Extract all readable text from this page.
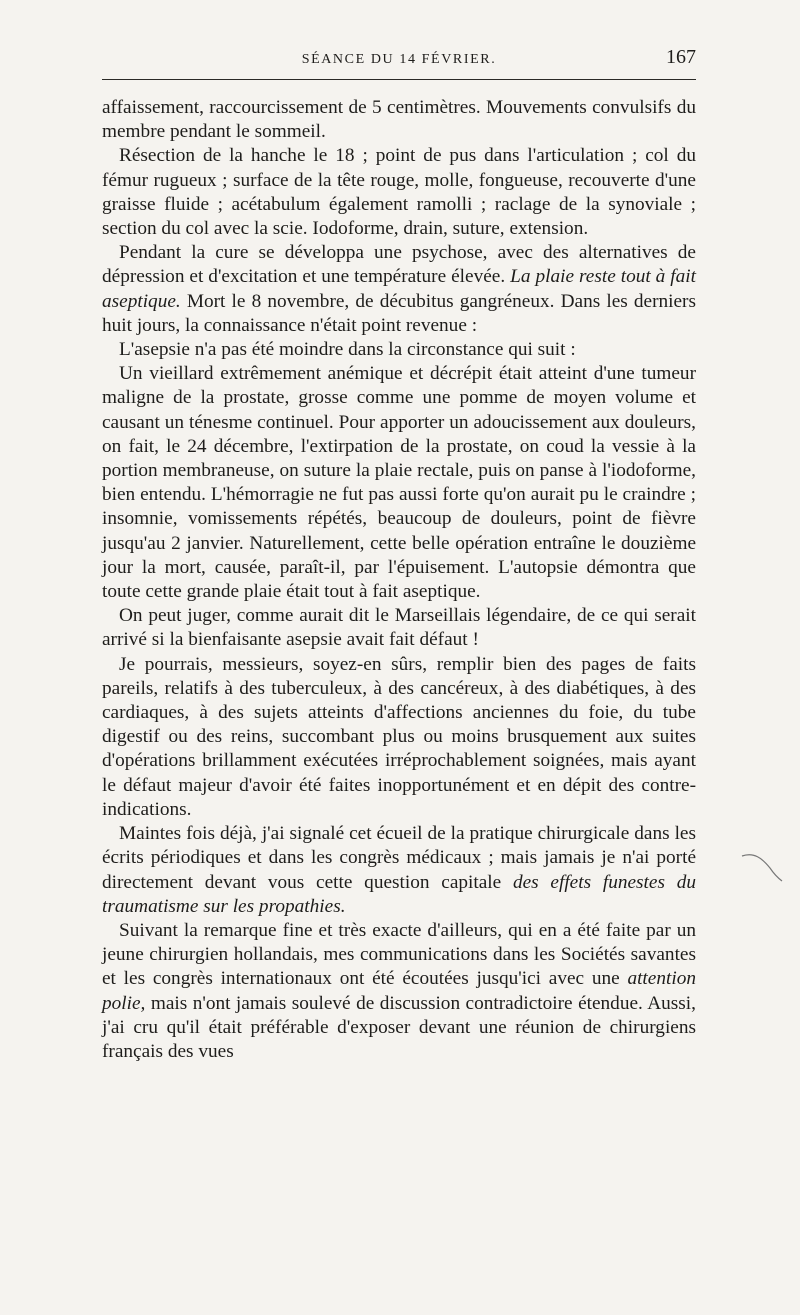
SÉANCE DU 14 FÉVRIER.	167

affaissement, raccourcissement de 5 centimètres. Mouvements convulsifs du membre pendant le sommeil.

Résection de la hanche le 18 ; point de pus dans l'articulation ; col du fémur rugueux ; surface de la tête rouge, molle, fongueuse, recouverte d'une graisse fluide ; acétabulum également ramolli ; raclage de la synoviale ; section du col avec la scie. Iodoforme, drain, suture, extension.

Pendant la cure se développa une psychose, avec des alternatives de dépression et d'excitation et une température élevée. La plaie reste tout à fait aseptique. Mort le 8 novembre, de décubitus gangréneux. Dans les derniers huit jours, la connaissance n'était point revenue :

L'asepsie n'a pas été moindre dans la circonstance qui suit :

Un vieillard extrêmement anémique et décrépit était atteint d'une tumeur maligne de la prostate, grosse comme une pomme de moyen volume et causant un ténesme continuel. Pour apporter un adoucissement aux douleurs, on fait, le 24 décembre, l'extirpation de la prostate, on coud la vessie à la portion membraneuse, on suture la plaie rectale, puis on panse à l'iodoforme, bien entendu. L'hémorragie ne fut pas aussi forte qu'on aurait pu le craindre ; insomnie, vomissements répétés, beaucoup de douleurs, point de fièvre jusqu'au 2 janvier. Naturellement, cette belle opération entraîne le douzième jour la mort, causée, paraît-il, par l'épuisement. L'autopsie démontra que toute cette grande plaie était tout à fait aseptique.

On peut juger, comme aurait dit le Marseillais légendaire, de ce qui serait arrivé si la bienfaisante asepsie avait fait défaut !

Je pourrais, messieurs, soyez-en sûrs, remplir bien des pages de faits pareils, relatifs à des tuberculeux, à des cancéreux, à des diabétiques, à des cardiaques, à des sujets atteints d'affections anciennes du foie, du tube digestif ou des reins, succombant plus ou moins brusquement aux suites d'opérations brillamment exécutées irréprochablement soignées, mais ayant le défaut majeur d'avoir été faites inopportunément et en dépit des contre-indications.

Maintes fois déjà, j'ai signalé cet écueil de la pratique chirurgicale dans les écrits périodiques et dans les congrès médicaux ; mais jamais je n'ai porté directement devant vous cette question capitale des effets funestes du traumatisme sur les propathies.

Suivant la remarque fine et très exacte d'ailleurs, qui en a été faite par un jeune chirurgien hollandais, mes communications dans les Sociétés savantes et les congrès internationaux ont été écoutées jusqu'ici avec une attention polie, mais n'ont jamais soulevé de discussion contradictoire étendue. Aussi, j'ai cru qu'il était préférable d'exposer devant une réunion de chirurgiens français des vues
